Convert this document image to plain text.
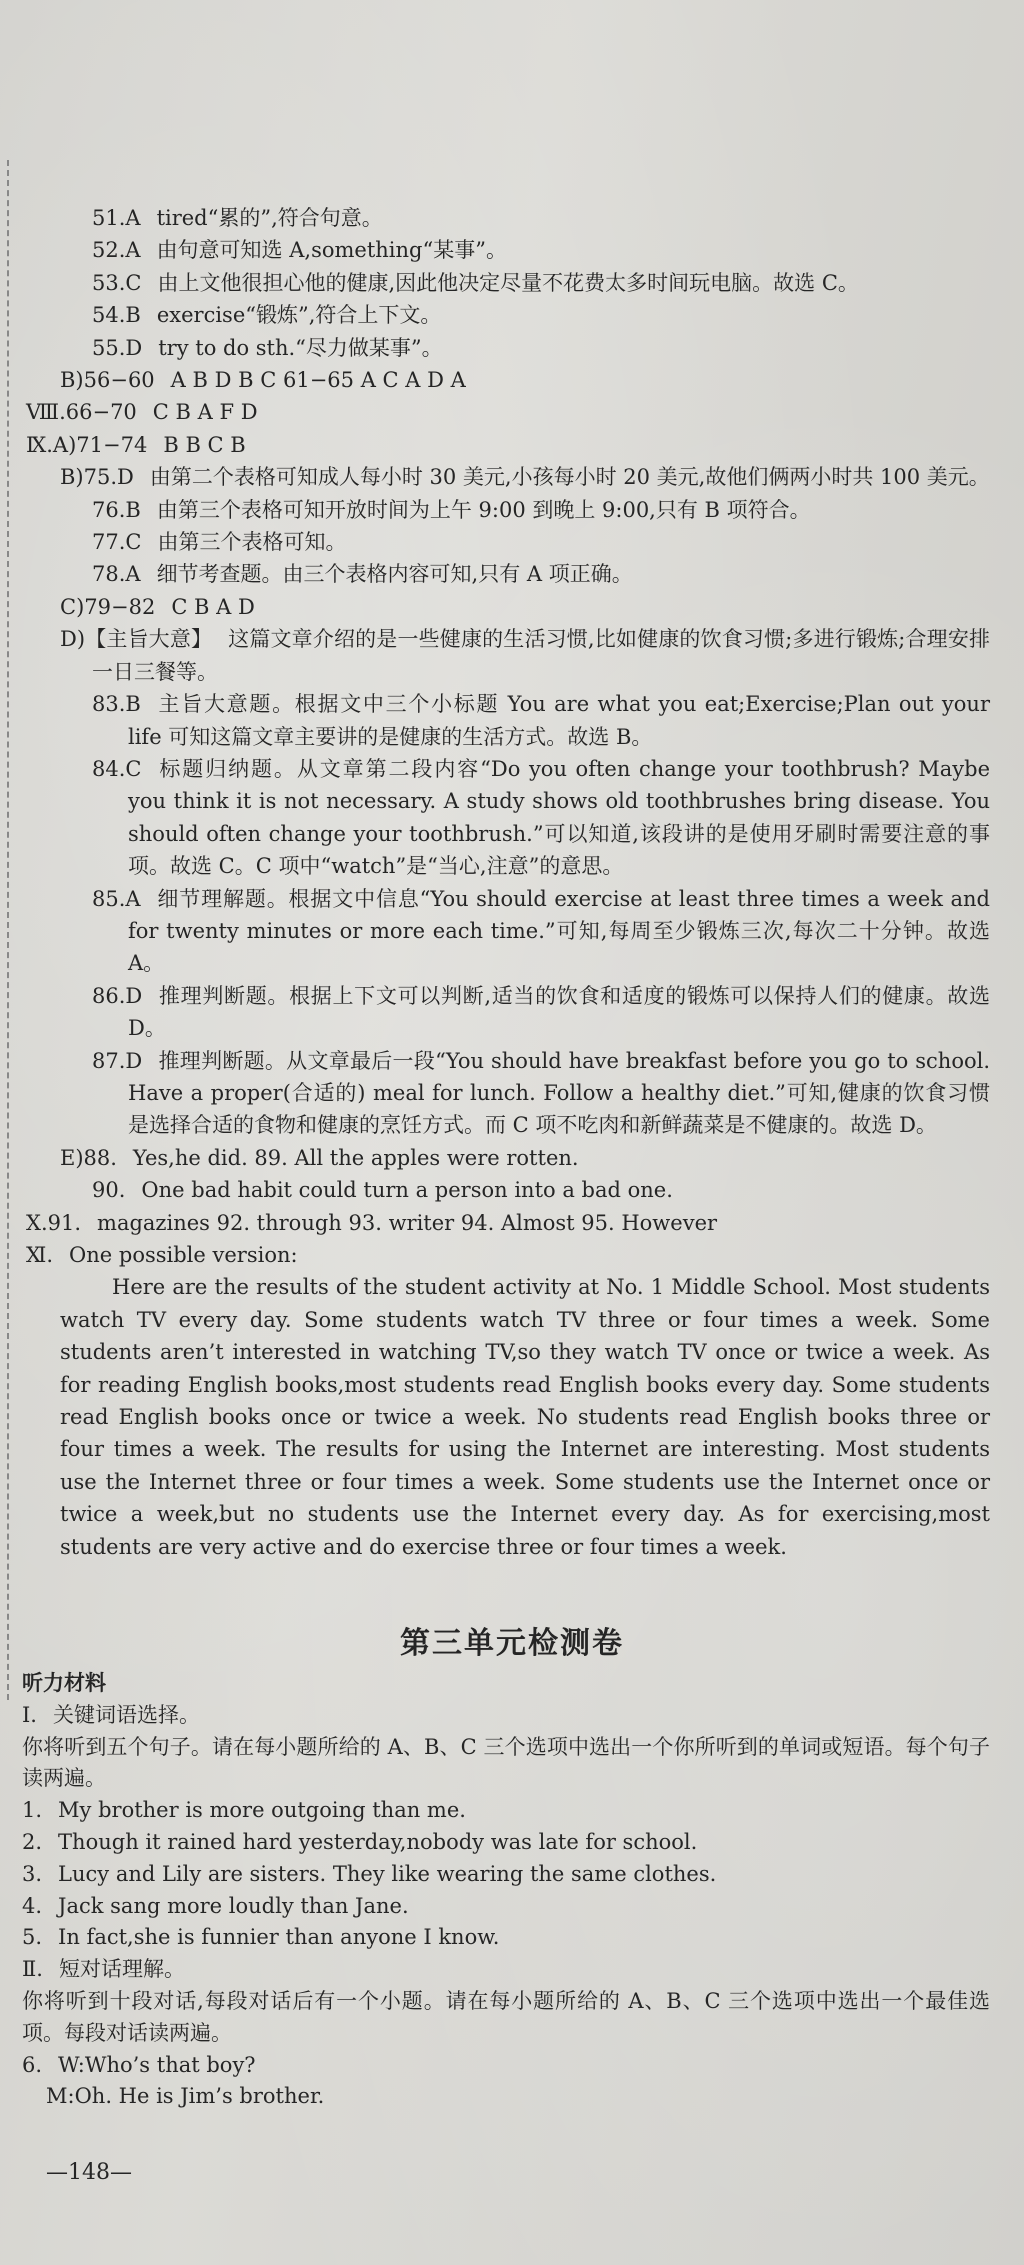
51.A tired“累的”,符合句意。
52.A 由句意可知选 A,something“某事”。
53.C 由上文他很担心他的健康,因此他决定尽量不花费太多时间玩电脑。故选 C。
54.B exercise“锻炼”,符合上下文。
55.D try to do sth.“尽力做某事”。
B)56−60 A B D B C 61−65 A C A D A
Ⅷ.66−70 C B A F D
Ⅸ.A)71−74 B B C B
B)75.D 由第二个表格可知成人每小时 30 美元,小孩每小时 20 美元,故他们俩两小时共 100 美元。
76.B 由第三个表格可知开放时间为上午 9:00 到晚上 9:00,只有 B 项符合。
77.C 由第三个表格可知。
78.A 细节考查题。由三个表格内容可知,只有 A 项正确。
C)79−82 C B A D
D)【主旨大意】 这篇文章介绍的是一些健康的生活习惯,比如健康的饮食习惯;多进行锻炼;合理安排一日三餐等。
83.B 主旨大意题。根据文中三个小标题 You are what you eat;Exercise;Plan out your life 可知这篇文章主要讲的是健康的生活方式。故选 B。
84.C 标题归纳题。从文章第二段内容“Do you often change your toothbrush? Maybe you think it is not necessary. A study shows old toothbrushes bring disease. You should often change your toothbrush.”可以知道,该段讲的是使用牙刷时需要注意的事项。故选 C。C 项中“watch”是“当心,注意”的意思。
85.A 细节理解题。根据文中信息“You should exercise at least three times a week and for twenty minutes or more each time.”可知,每周至少锻炼三次,每次二十分钟。故选 A。
86.D 推理判断题。根据上下文可以判断,适当的饮食和适度的锻炼可以保持人们的健康。故选 D。
87.D 推理判断题。从文章最后一段“You should have breakfast before you go to school. Have a proper(合适的) meal for lunch. Follow a healthy diet.”可知,健康的饮食习惯是选择合适的食物和健康的烹饪方式。而 C 项不吃肉和新鲜蔬菜是不健康的。故选 D。
E)88. Yes,he did. 89. All the apples were rotten.
90. One bad habit could turn a person into a bad one.
Ⅹ.91. magazines 92. through 93. writer 94. Almost 95. However
Ⅺ. One possible version:
Here are the results of the student activity at No. 1 Middle School. Most students watch TV every day. Some students watch TV three or four times a week. Some students aren’t interested in watching TV,so they watch TV once or twice a week. As for reading English books,most students read English books every day. Some students read English books once or twice a week. No students read English books three or four times a week. The results for using the Internet are interesting. Most students use the Internet three or four times a week. Some students use the Internet once or twice a week,but no students use the Internet every day. As for exercising,most students are very active and do exercise three or four times a week.
第三单元检测卷
听力材料
Ⅰ. 关键词语选择。
你将听到五个句子。请在每小题所给的 A、B、C 三个选项中选出一个你所听到的单词或短语。每个句子读两遍。
1. My brother is more outgoing than me.
2. Though it rained hard yesterday,nobody was late for school.
3. Lucy and Lily are sisters. They like wearing the same clothes.
4. Jack sang more loudly than Jane.
5. In fact,she is funnier than anyone I know.
Ⅱ. 短对话理解。
你将听到十段对话,每段对话后有一个小题。请在每小题所给的 A、B、C 三个选项中选出一个最佳选项。每段对话读两遍。
6. W:Who’s that boy?
M:Oh. He is Jim’s brother.
—148—
